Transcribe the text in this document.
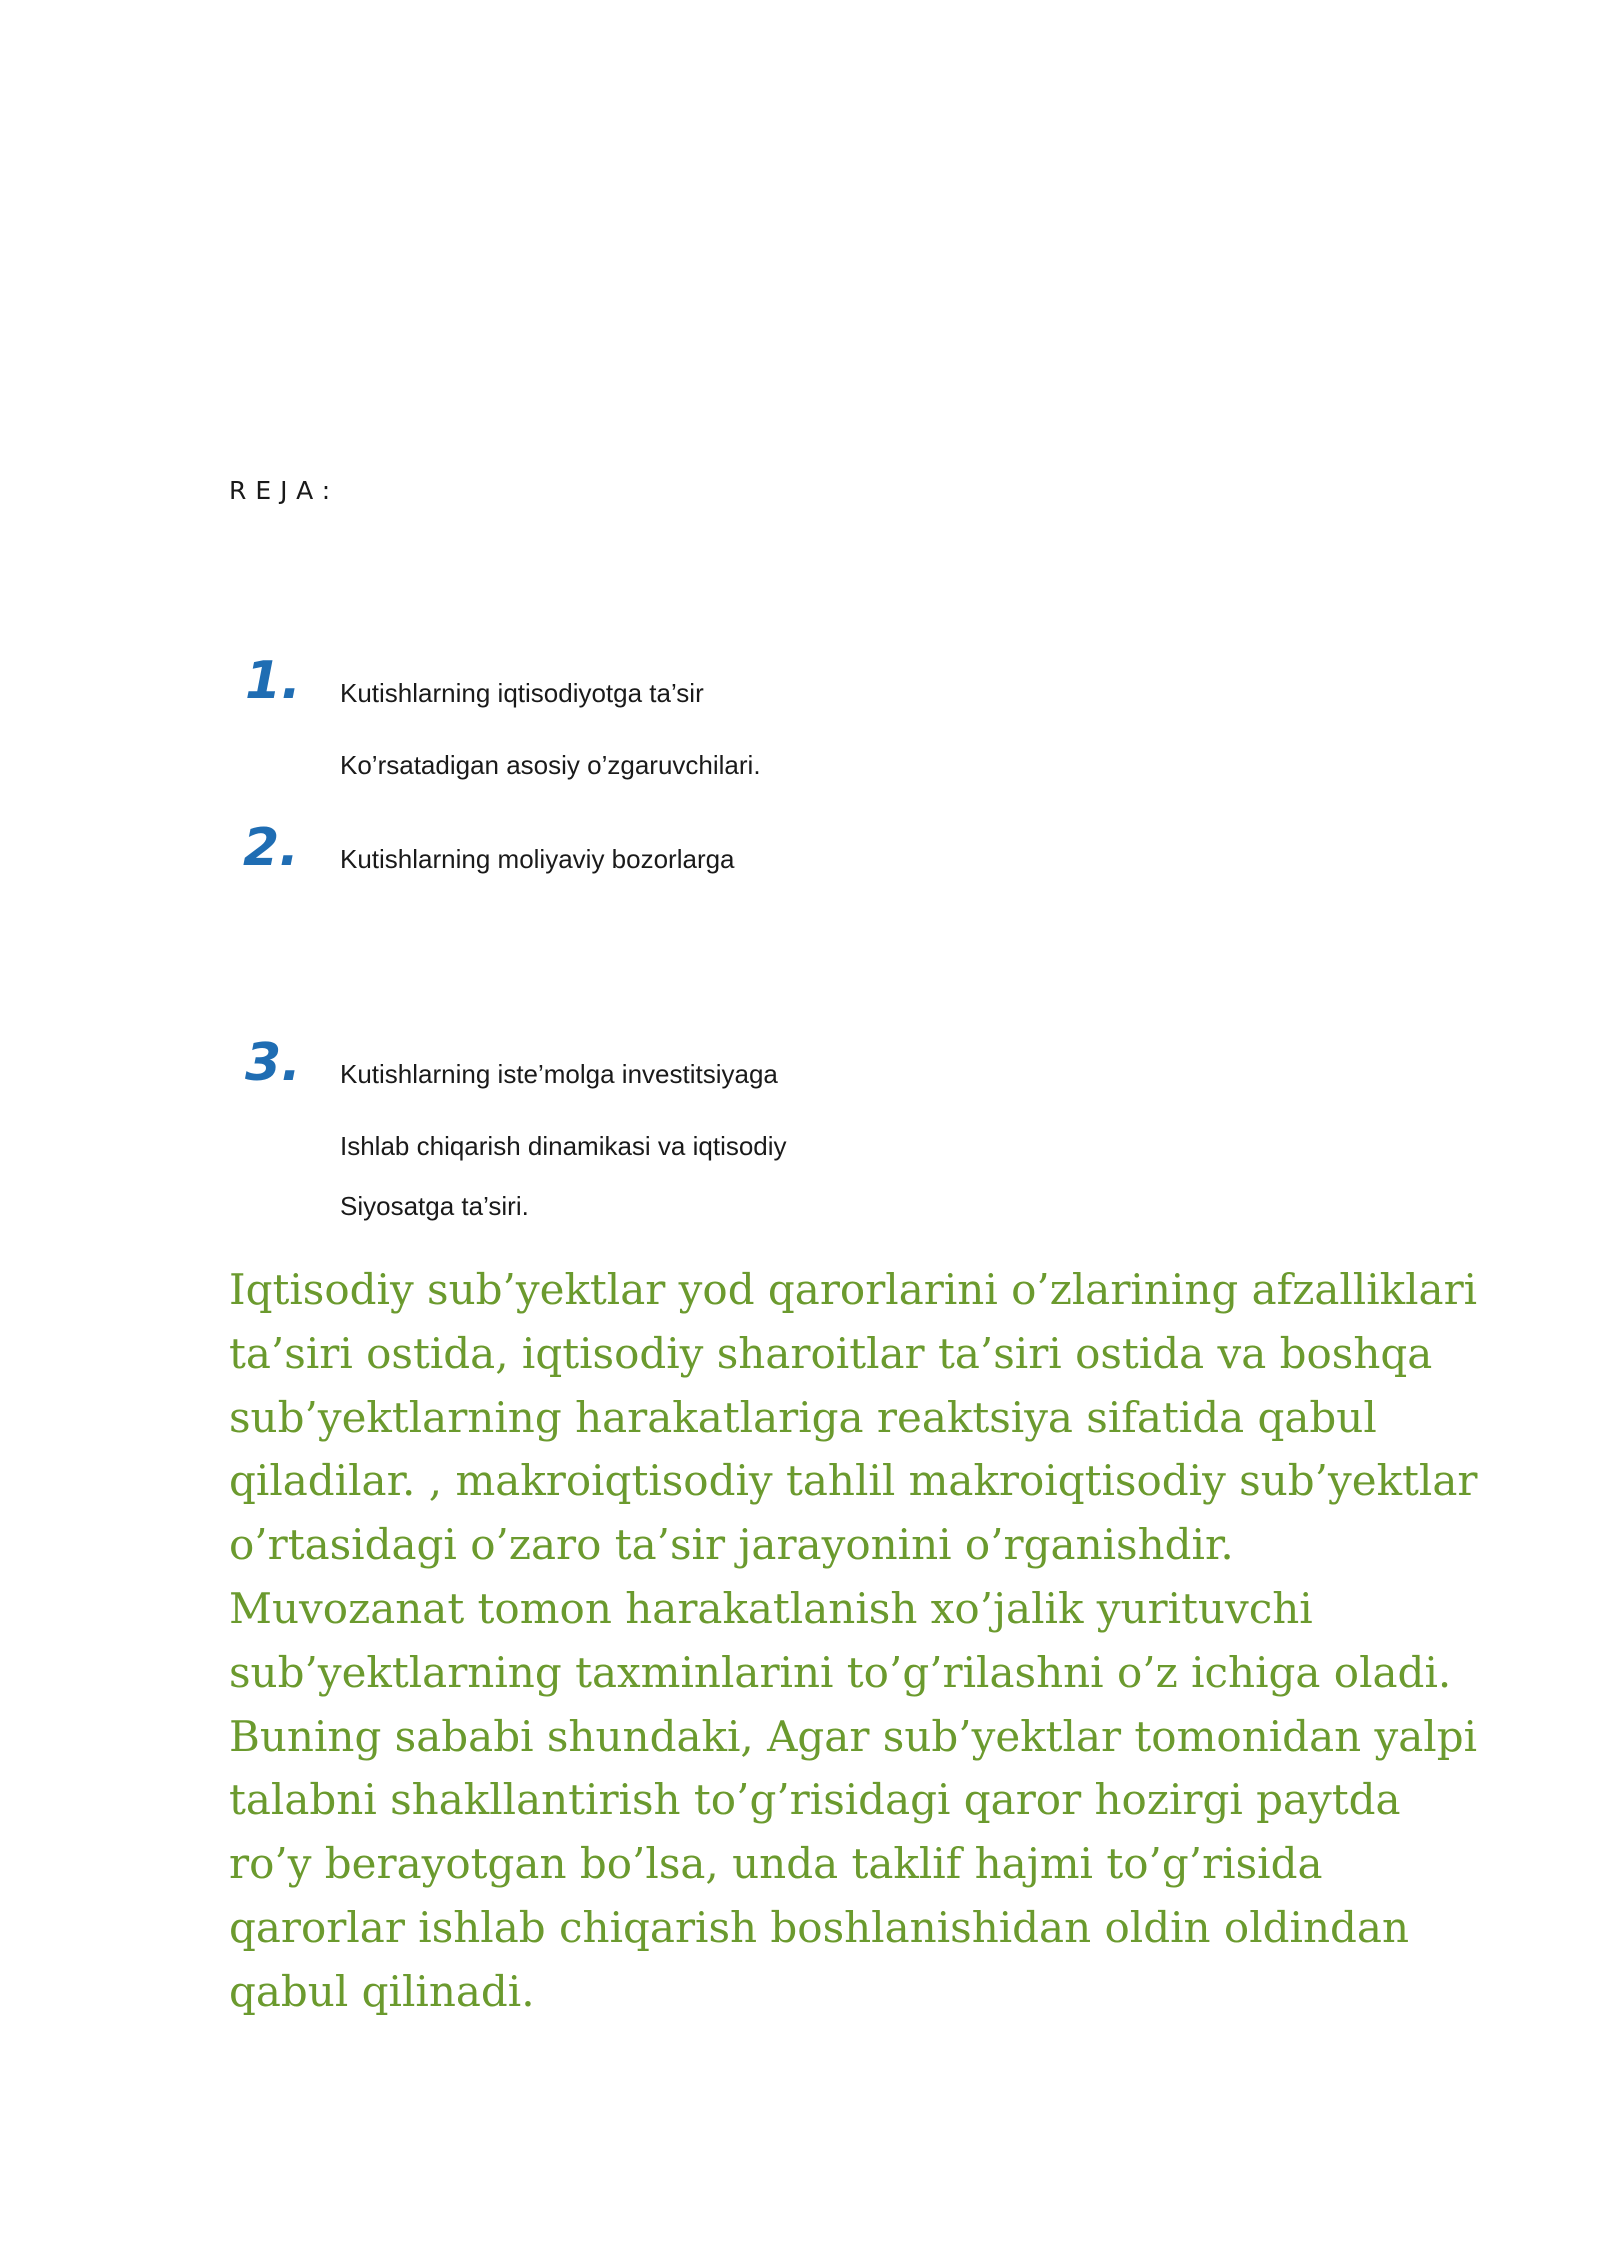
REJA:
1. Kutishlarning iqtisodiyotga ta’sir
Ko’rsatadigan asosiy o’zgaruvchilari.
2. Kutishlarning moliyaviy bozorlarga
3. Kutishlarning iste’molga investitsiyaga
Ishlab chiqarish dinamikasi va iqtisodiy
Siyosatga ta’siri.

Iqtisodiy sub’yektlar yod qarorlarini o’zlarining afzalliklari ta’siri ostida, iqtisodiy sharoitlar ta’siri ostida va boshqa sub’yektlarning harakatlariga reaktsiya sifatida qabul qiladilar. , makroiqtisodiy tahlil makroiqtisodiy sub’yektlar o’rtasidagi o’zaro ta’sir jarayonini o’rganishdir. Muvozanat tomon harakatlanish xo’jalik yurituvchi sub’yektlarning taxminlarini to’g’rilashni o’z ichiga oladi. Buning sababi shundaki, Agar sub’yektlar tomonidan yalpi talabni shakllantirish to’g’risidagi qaror hozirgi paytda ro’y berayotgan bo’lsa, unda taklif hajmi to’g’risida qarorlar ishlab chiqarish boshlanishidan oldin oldindan qabul qilinadi.
